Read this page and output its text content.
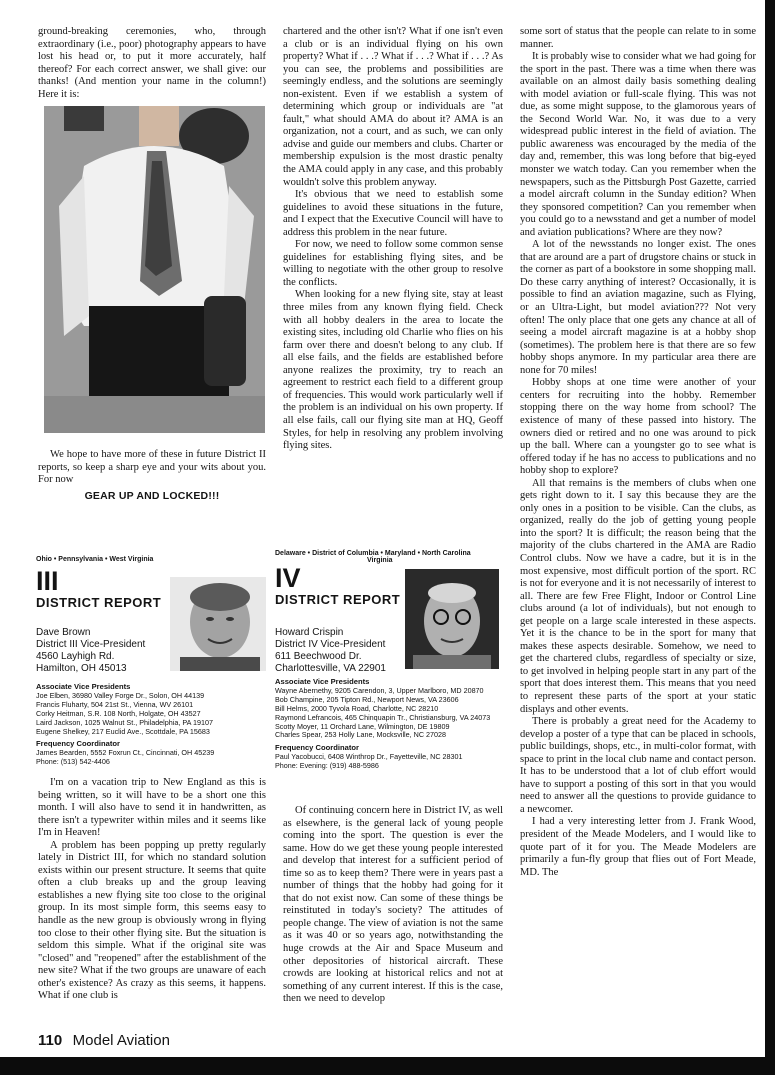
ground-breaking ceremonies, who, through extraordinary (i.e., poor) photography appears to have lost his head or, to put it more accurately, half thereof? For each correct answer, we shall give: our thanks! (And mention your name in the column!) Here it is:

We hope to have more of these in future District II reports, so keep a sharp eye and your wits about you. For now
GEAR UP AND LOCKED!!!

chartered and the other isn't? What if one isn't even a club or is an individual flying on his own property? What if . . .? What if . . .? What if . . .? As you can see, the problems and possibilities are seemingly endless, and the solutions are seemingly non-existent. Even if we establish a system of determining which group or individuals are "at fault," what should AMA do about it? AMA is an organization, not a court, and as such, we can only advise and guide our members and clubs. Charter or membership expulsion is the most drastic penalty the AMA could apply in any case, and this probably wouldn't solve this problem anyway.

It's obvious that we need to establish some guidelines to avoid these situations in the future, and I expect that the Executive Council will have to address this problem in the near future.

For now, we need to follow some common sense guidelines for establishing flying sites, and be willing to negotiate with the other group to resolve the conflicts.

When looking for a new flying site, stay at least three miles from any known flying field. Check with all hobby dealers in the area to locate the existing sites, including old Charlie who flies on his farm over there and doesn't belong to any club. If all else fails, and the fields are established before anyone realizes the proximity, try to reach an agreement to restrict each field to a different group of frequencies. This would work particularly well if the problem is an individual on his own property. If all else fails, call our flying site man at HQ, Geoff Styles, for help in resolving any problem involving flying sites.

some sort of status that the people can relate to in some manner.

It is probably wise to consider what we had going for the sport in the past. There was a time when there was available on an almost daily basis something dealing with model aviation or full-scale flying. This was not due, as some might suppose, to the glamorous years of the Second World War. No, it was due to a very widespread public interest in the field of aviation. The public awareness was encouraged by the media of the day and, remember, this was long before that big-eyed monster we watch today. Can you remember when the newspapers, such as the Pittsburgh Post Gazette, carried a model aircraft column in the Sunday edition? When they sponsored competition? Can you remember when you could go to a newsstand and get a number of model and aviation publications? Where are they now?

A lot of the newsstands no longer exist. The ones that are around are a part of drugstore chains or stuck in the corner as part of a bookstore in some shopping mall. Do these carry anything of interest? Occasionally, it is possible to find an aviation magazine, such as Flying, or an Ultra-Light, but model aviation??? Not very often! The only place that one gets any chance at all of seeing a model aircraft magazine is at a hobby shop (sometimes). The problem here is that there are so few hobby shops anymore. In my particular area there are none for 70 miles!

Hobby shops at one time were another of your centers for recruiting into the hobby. Remember stopping there on the way home from school? The existence of many of these passed into history. The owners died or retired and no one was around to pick up the ball. Where can a youngster go to see what is offered today if he has no access to publications and no hobby shop to explore?

All that remains is the members of clubs when one gets right down to it. I say this because they are the only ones in a position to be visible. Can the clubs, as organized, really do the job of getting young people into the sport? It is difficult; the reason being that the majority of the clubs chartered in the AMA are Radio Control clubs. Now we have a cadre, but it is in the most expensive, most difficult portion of the sport. RC is not for everyone and it is not necessarily of interest to all. There are few Free Flight, Indoor or Control Line clubs around (a lot of individuals), but not enough to get people on a large scale interested in these aspects. Yet it is the chance to be in the sport for many that makes these aspects desirable. Somehow, we need to get the chartered clubs, regardless of specialty or size, to get involved in helping people start in any part of the sport that does interest them. This means that you need to represent these parts of the sport at your static displays and other events.

There is probably a great need for the Academy to develop a poster of a type that can be placed in schools, public buildings, shops, etc., in multi-color format, with space to print in the local club name and contact person. It has to be understood that a lot of club effort would have to support a posting of this sort in that you would need to answer all the questions to provide guidance to a newcomer.

I had a very interesting letter from J. Frank Wood, president of the Meade Modelers, and I would like to quote part of it for you. The Meade Modelers are primarily a fun-fly group that flies out of Fort Meade, MD. The

Ohio • Pennsylvania • West Virginia
III
DISTRICT REPORT
Dave Brown
District III Vice-President
4560 Layhigh Rd.
Hamilton, OH 45013
Associate Vice Presidents
Joe Elben, 36980 Valley Forge Dr., Solon, OH 44139
Francis Fluharty, 504 21st St., Vienna, WV 26101
Corky Heitman, S.R. 108 North, Holgate, OH 43527
Laird Jackson, 1025 Walnut St., Philadelphia, PA 19107
Eugene Shelkey, 217 Euclid Ave., Scottdale, PA 15683
Frequency Coordinator
James Bearden, 5552 Foxrun Ct., Cincinnati, OH 45239
Phone: (513) 542-4406

I'm on a vacation trip to New England as this is being written, so it will have to be a short one this month. I will also have to send it in handwritten, as there isn't a typewriter within miles and it seems like I'm in Heaven!

A problem has been popping up pretty regularly lately in District III, for which no standard solution exists within our present structure. It seems that quite often a club breaks up and the group leaving establishes a new flying site too close to the original group. In its most simple form, this seems easy to handle as the new group is obviously wrong in flying too close to their other flying site. But the situation is seldom this simple. What if the original site was "closed" and "reopened" after the establishment of the new site? What if the two groups are unaware of each other's existence? As crazy as this seems, it happens. What if one club is

Delaware • District of Columbia • Maryland • North Carolina
Virginia
IV
DISTRICT REPORT
Howard Crispin
District IV Vice-President
611 Beechwood Dr.
Charlottesville, VA 22901
Associate Vice Presidents
Wayne Abernethy, 9205 Carendon, 3, Upper Marlboro, MD 20870
Bob Champine, 205 Tipton Rd., Newport News, VA 23606
Bill Helms, 2000 Tyvola Road, Charlotte, NC 28210
Raymond Lefrancois, 465 Chinquapin Tr., Christiansburg, VA 24073
Scotty Moyer, 11 Orchard Lane, Wilmington, DE 19809
Charles Spear, 253 Holly Lane, Mocksville, NC 27028
Frequency Coordinator
Paul Yacobucci, 6408 Winthrop Dr., Fayetteville, NC 28301
Phone: Evening: (919) 488-5986

Of continuing concern here in District IV, as well as elsewhere, is the general lack of young people coming into the sport. The question is ever the same. How do we get these young people interested and develop that interest for a sufficient period of time so as to keep them? There were in years past a number of things that the hobby had going for it that do not exist now. Can some of these things be reinstituted in today's society? The attitudes of people change. The view of aviation is not the same as it was 40 or so years ago, notwithstanding the huge crowds at the Air and Space Museum and other depositories of historical aircraft. These crowds are looking at historical relics and not at something of any current interest. If this is the case, then we need to develop

110 Model Aviation
